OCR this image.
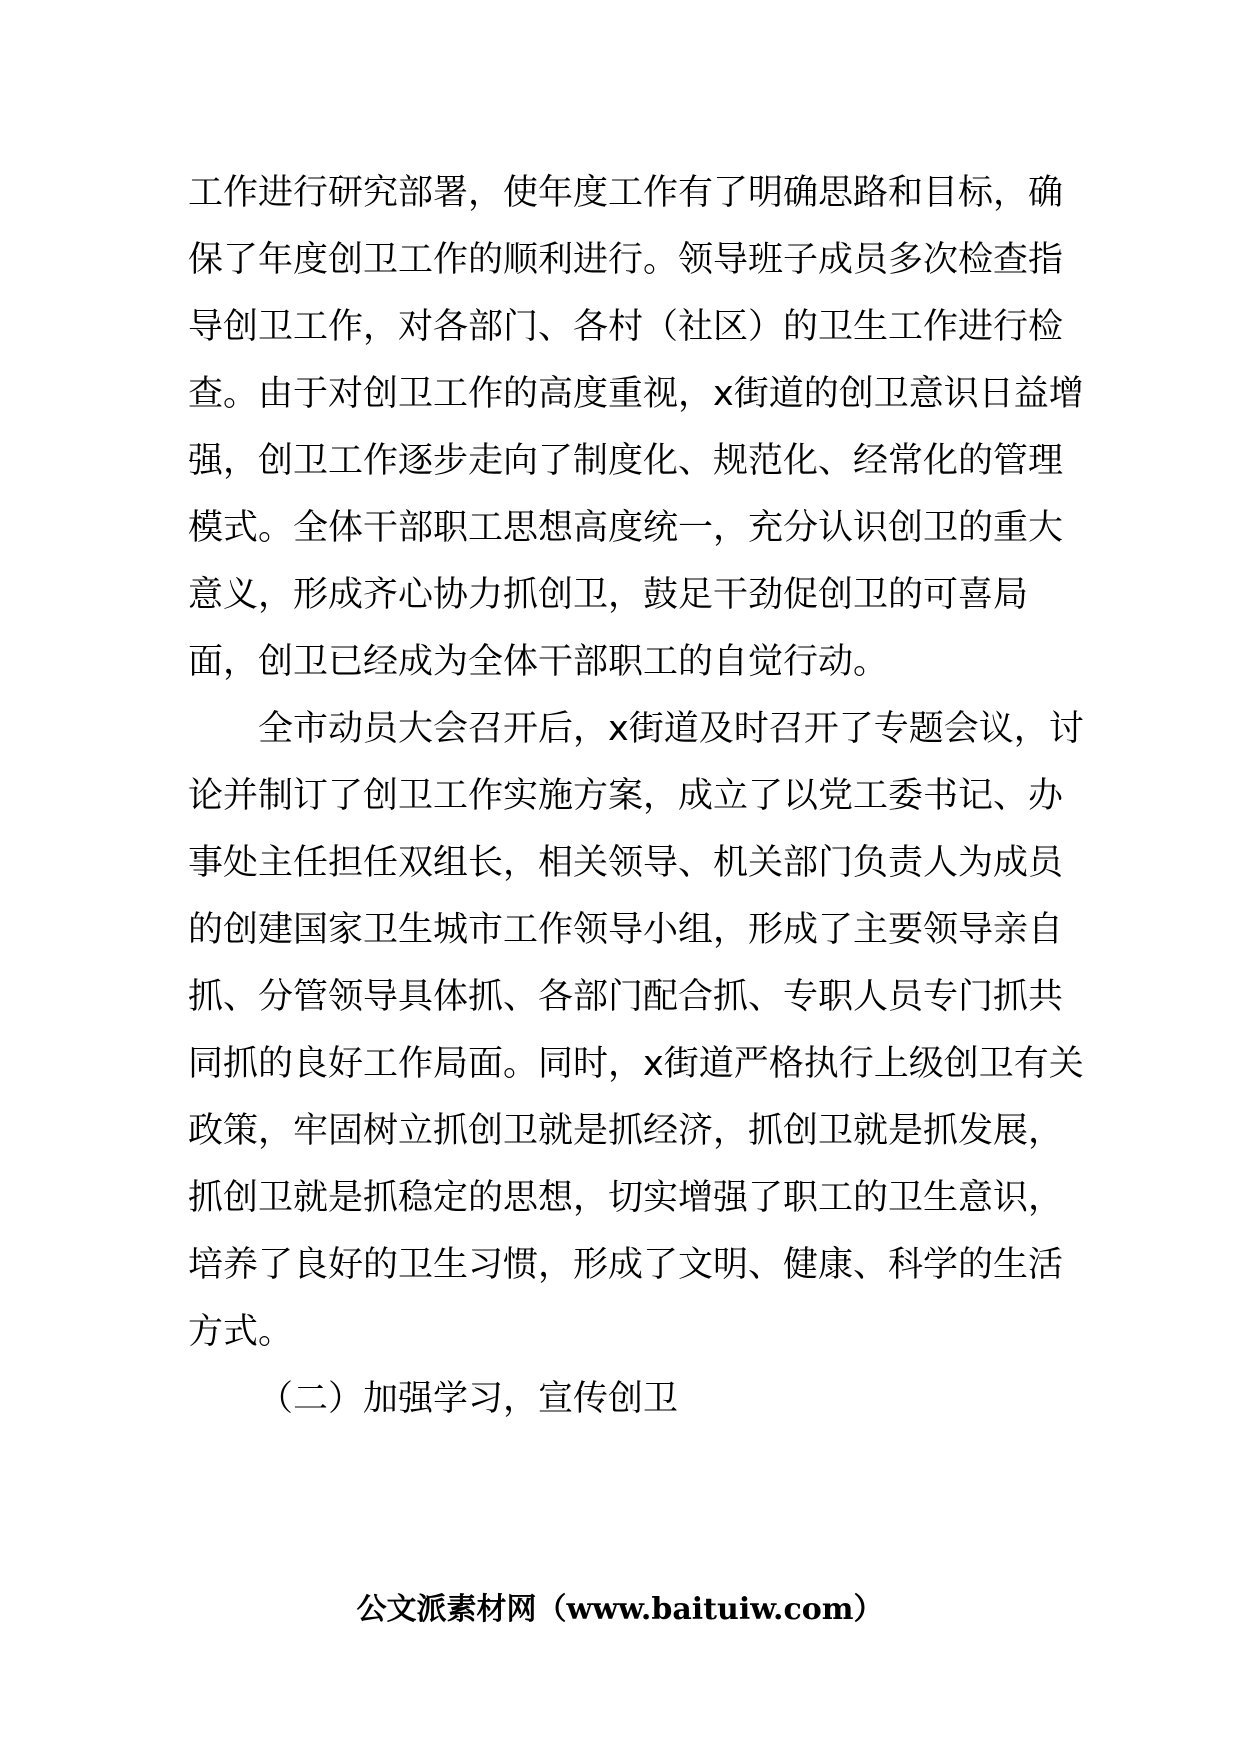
工作进行研究部署，使年度工作有了明确思路和目标，确
保了年度创卫工作的顺利进行。领导班子成员多次检查指
导创卫工作，对各部门、各村（社区）的卫生工作进行检
查。由于对创卫工作的高度重视，x街道的创卫意识日益增
强，创卫工作逐步走向了制度化、规范化、经常化的管理
模式。全体干部职工思想高度统一，充分认识创卫的重大
意义，形成齐心协力抓创卫，鼓足干劲促创卫的可喜局
面，创卫已经成为全体干部职工的自觉行动。
全市动员大会召开后，x街道及时召开了专题会议，讨
论并制订了创卫工作实施方案，成立了以党工委书记、办
事处主任担任双组长，相关领导、机关部门负责人为成员
的创建国家卫生城市工作领导小组，形成了主要领导亲自
抓、分管领导具体抓、各部门配合抓、专职人员专门抓共
同抓的良好工作局面。同时，x街道严格执行上级创卫有关
政策，牢固树立抓创卫就是抓经济，抓创卫就是抓发展，
抓创卫就是抓稳定的思想，切实增强了职工的卫生意识，
培养了良好的卫生习惯，形成了文明、健康、科学的生活
方式。
（二）加强学习，宣传创卫
公文派素材网（www.baituiw.com）
